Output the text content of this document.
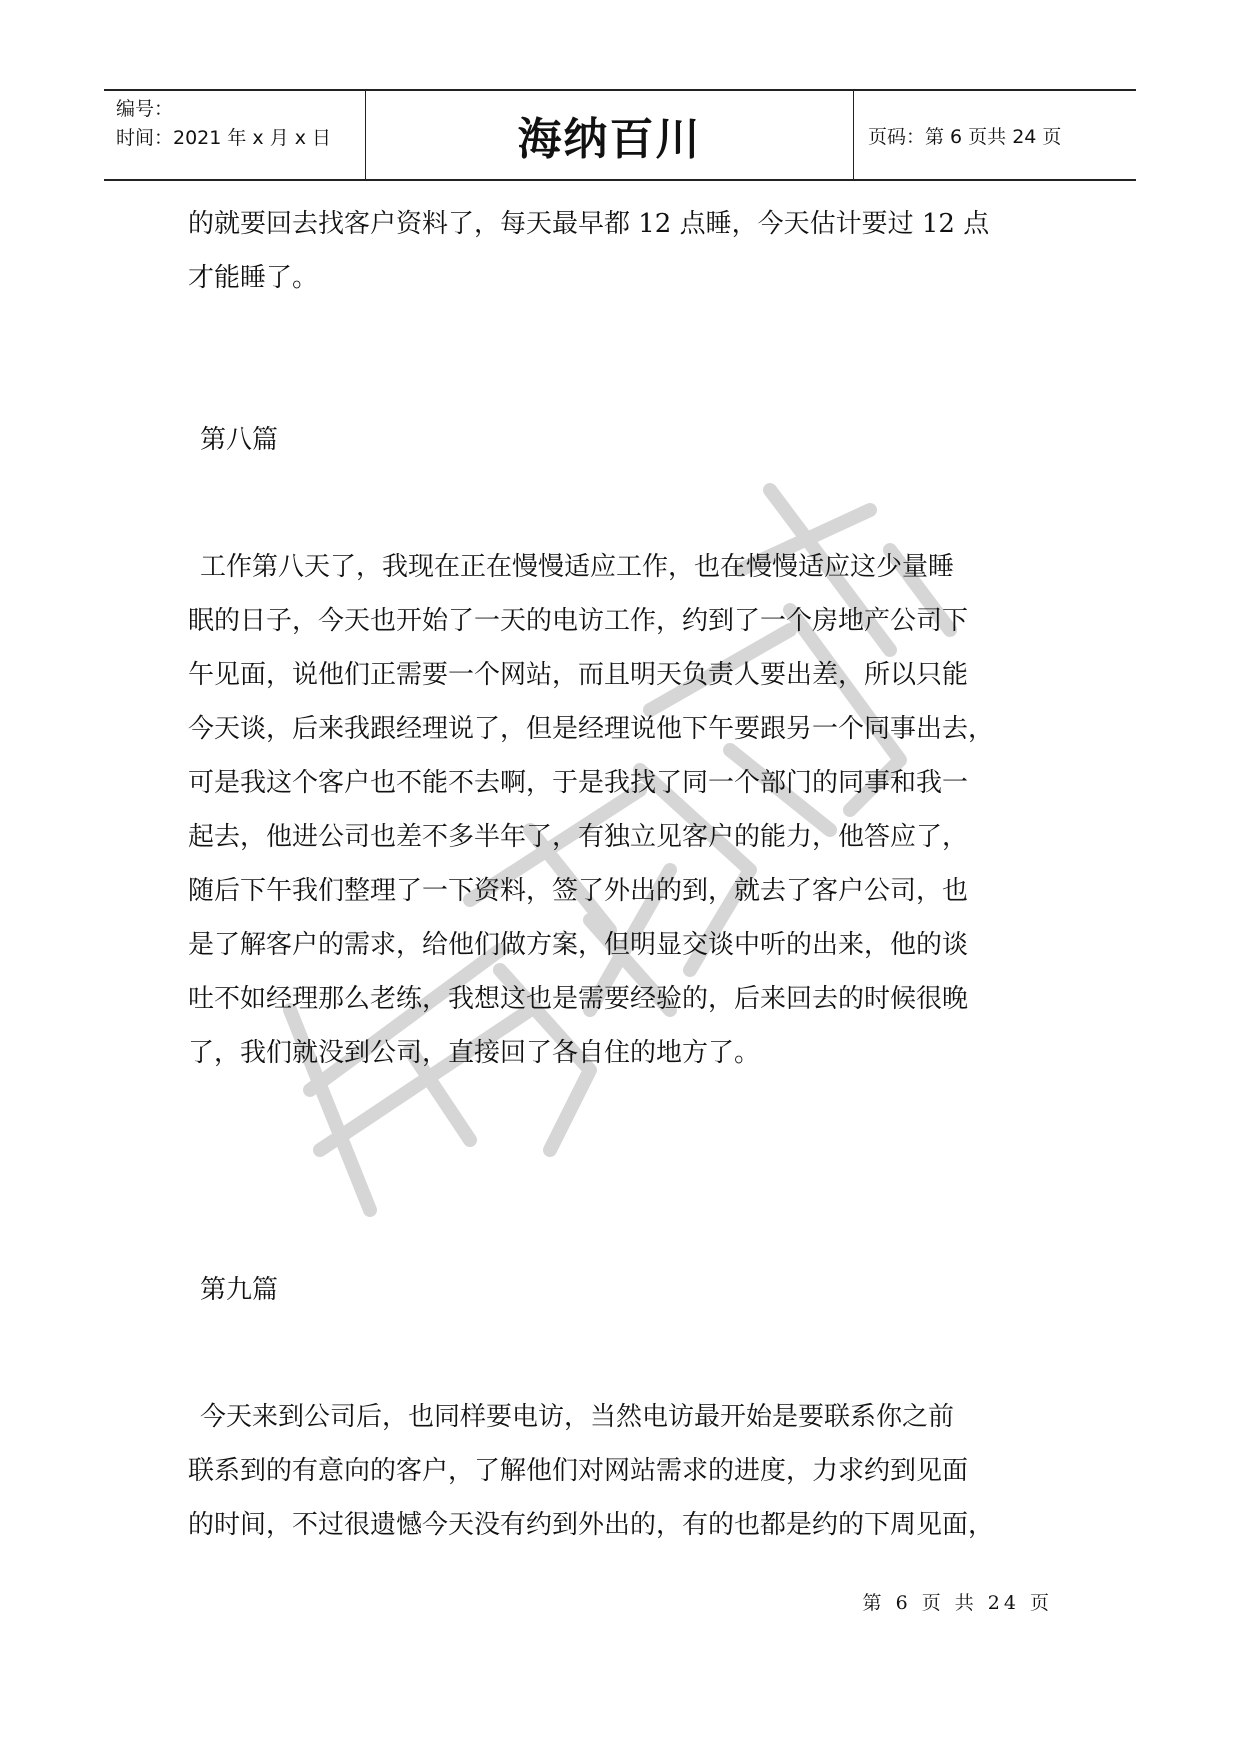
编号：
时间：2021 年 x 月 x 日	海纳百川	页码：第 6 页共 24 页
的就要回去找客户资料了，每天最早都 12 点睡，今天估计要过 12 点
才能睡了。
第八篇
工作第八天了，我现在正在慢慢适应工作，也在慢慢适应这少量睡
眠的日子，今天也开始了一天的电访工作，约到了一个房地产公司下
午见面，说他们正需要一个网站，而且明天负责人要出差，所以只能
今天谈，后来我跟经理说了，但是经理说他下午要跟另一个同事出去，
可是我这个客户也不能不去啊，于是我找了同一个部门的同事和我一
起去，他进公司也差不多半年了，有独立见客户的能力，他答应了，
随后下午我们整理了一下资料，签了外出的到，就去了客户公司，也
是了解客户的需求，给他们做方案，但明显交谈中听的出来，他的谈
吐不如经理那么老练，我想这也是需要经验的，后来回去的时候很晚
了，我们就没到公司，直接回了各自住的地方了。
第九篇
今天来到公司后，也同样要电访，当然电访最开始是要联系你之前
联系到的有意向的客户，了解他们对网站需求的进度，力求约到见面
的时间，不过很遗憾今天没有约到外出的，有的也都是约的下周见面，
第 6 页 共 24 页
